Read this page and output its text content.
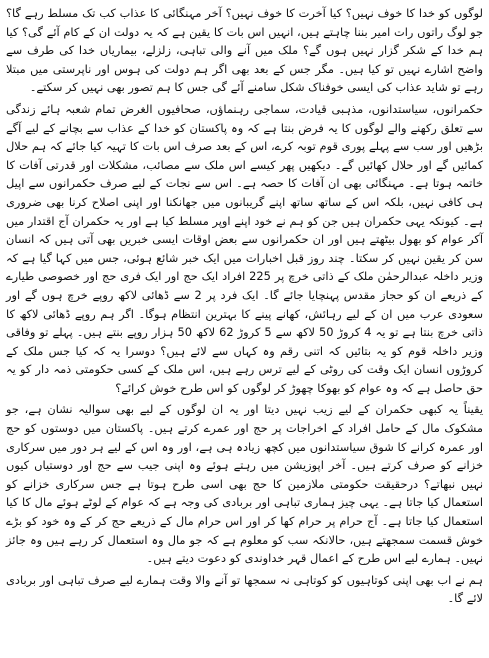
لوگوں کو خدا کا خوف نہیں؟ کیا آخرت کا خوف نہیں؟ آخر مہنگائی کا عذاب کب تک مسلط رہے گا؟ جو لوگ راتوں رات امیر بننا چاہتے ہیں، انہیں اس بات کا یقین ہے کہ یہ دولت ان کے کام آئے گی؟ کیا ہم خدا کے شکر گزار نہیں ہوں گے؟ ملک میں آنے والی تباہی، زلزلے، بیماریاں خدا کی طرف سے واضح اشارے نہیں تو کیا ہیں۔ مگر جس کے بعد بھی اگر ہم دولت کی ہوس اور ناپرستی میں مبتلا رہے تو شاید عذاب کی ایسی خوفناک شکل سامنے آئے گی جس کا ہم تصور بھی نہیں کر سکتے۔

حکمرانوں، سیاستدانوں، مذہبی قیادت، سماجی رہنماؤں، صحافیوں الغرض تمام شعبہ ہائے زندگی سے تعلق رکھنے والے لوگوں کا یہ فرض بنتا ہے کہ وہ پاکستان کو خدا کے عذاب سے بچانے کے لیے آگے بڑھیں اور سب سے پہلے پوری قوم توبہ کرے، اس کے بعد صرف اس بات کا تہیہ کیا جائے کہ ہم حلال کمائیں گے اور حلال کھائیں گے۔ دیکھیں پھر کیسے اس ملک سے مصائب، مشکلات اور قدرتی آفات کا خاتمہ ہوتا ہے۔ مہنگائی بھی ان آفات کا حصہ ہے۔ اس سے نجات کے لیے صرف حکمرانوں سے اپیل ہی کافی نہیں، بلکہ اس کے ساتھ ساتھ اپنے گریبانوں میں جھانکنا اور اپنی اصلاح کرنا بھی ضروری ہے۔ کیونکہ یہی حکمران ہیں جن کو ہم نے خود اپنے اوپر مسلط کیا ہے اور یہ حکمران آج اقتدار میں آکر عوام کو بھول بیٹھتے ہیں اور ان حکمرانوں سے بعض اوقات ایسی خبریں بھی آتی ہیں کہ انسان سن کر یقین نہیں کر سکتا۔ چند روز قبل اخبارات میں ایک خبر شائع ہوئی، جس میں کہا گیا ہے کہ وزیر داخلہ عبدالرحمٰن ملک کے ذاتی خرچ پر 225 افراد ایک حج اور ایک فری حج اور خصوصی طیارے کے ذریعے ان کو حجاز مقدس پہنچایا جائے گا۔ ایک فرد پر 2 سے ڈھائی لاکھ روپے خرچ ہوں گے اور سعودی عرب میں ان کے لیے رہائش، کھانے پینے کا بہترین انتظام ہوگا۔ اگر ہم روپے ڈھائی لاکھ کا ذاتی خرچ بنتا ہے تو یہ 4 کروڑ 50 لاکھ سے 5 کروڑ 62 لاکھ 50 ہزار روپے بنتے ہیں۔ پہلے تو وفاقی وزیر داخلہ قوم کو یہ بتائیں کہ اتنی رقم وہ کہاں سے لائے ہیں؟ دوسرا یہ کہ کیا جس ملک کے کروڑوں انسان ایک وقت کی روٹی کے لیے ترس رہے ہیں، اس ملک کے کسی حکومتی ذمہ دار کو یہ حق حاصل ہے کہ وہ عوام کو بھوکا چھوڑ کر لوگوں کو اس طرح خوش کرائے؟

یقیناً یہ کبھی حکمران کے لیے زیب نہیں دیتا اور یہ ان لوگوں کے لیے بھی سوالیہ نشان ہے، جو مشکوک مال کے حامل افراد کے اخراجات پر حج اور عمرے کرتے ہیں۔ پاکستان میں دوستوں کو حج اور عمرہ کرانے کا شوق سیاستدانوں میں کچھ زیادہ ہی ہے، اور وہ اس کے لیے ہر دور میں سرکاری خزانے کو صرف کرتے ہیں۔ آخر اپوزیشن میں رہتے ہوئے وہ اپنی جیب سے حج اور دوستیاں کیوں نہیں نبھاتے؟ درحقیقت حکومتی ملازمین کا حج بھی اسی طرح ہوتا ہے جس سرکاری خزانے کو استعمال کیا جاتا ہے۔ یہی چیز ہماری تباہی اور بربادی کی وجہ ہے کہ عوام کے لوٹے ہوئے مال کا کیا استعمال کیا جاتا ہے۔ آج حرام پر حرام کھا کر اور اس حرام مال کے ذریعے حج کر کے وہ خود کو بڑے خوش قسمت سمجھتے ہیں، حالانکہ سب کو معلوم ہے کہ جو مال وہ استعمال کر رہے ہیں وہ جائز نہیں۔ ہمارے لیے اس طرح کے اعمال قہر خداوندی کو دعوت دیتے ہیں۔

ہم نے اب بھی اپنی کوتاہیوں کو کوتاہی نہ سمجھا تو آنے والا وقت ہمارے لیے صرف تباہی اور بربادی لائے گا۔
